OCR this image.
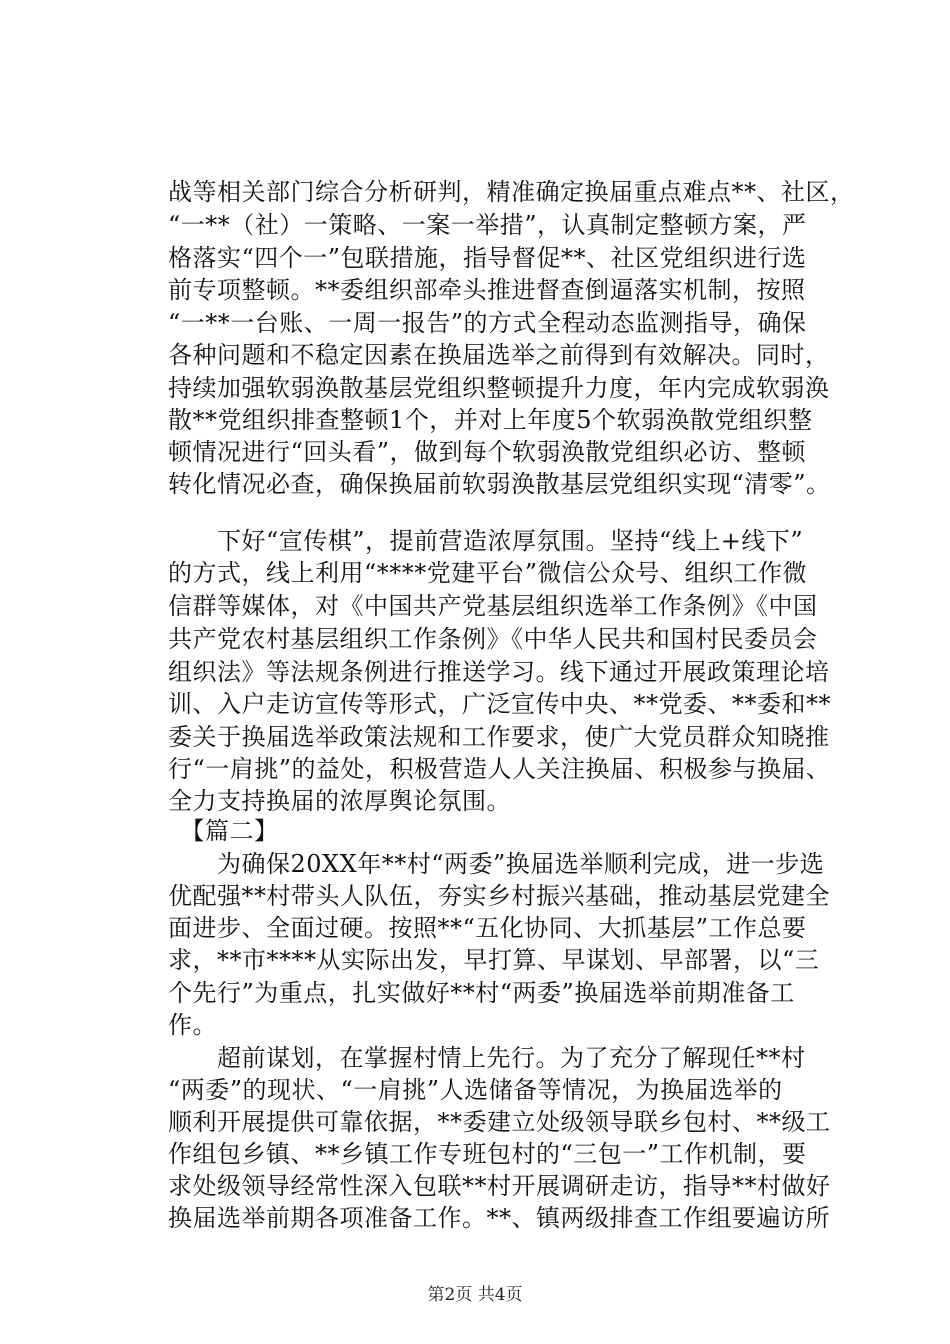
战等相关部门综合分析研判，精准确定换届重点难点**、社区，
“一**（社）一策略、一案一举措”，认真制定整顿方案，严
格落实“四个一”包联措施，指导督促**、社区党组织进行选
前专项整顿。**委组织部牵头推进督查倒逼落实机制，按照
“一**一台账、一周一报告”的方式全程动态监测指导，确保
各种问题和不稳定因素在换届选举之前得到有效解决。同时，
持续加强软弱涣散基层党组织整顿提升力度，年内完成软弱涣
散**党组织排查整顿1个，并对上年度5个软弱涣散党组织整
顿情况进行“回头看”，做到每个软弱涣散党组织必访、整顿
转化情况必查，确保换届前软弱涣散基层党组织实现“清零”。
　　下好“宣传棋”，提前营造浓厚氛围。坚持“线上+线下”
的方式，线上利用“****党建平台”微信公众号、组织工作微
信群等媒体，对《中国共产党基层组织选举工作条例》《中国
共产党农村基层组织工作条例》《中华人民共和国村民委员会
组织法》等法规条例进行推送学习。线下通过开展政策理论培
训、入户走访宣传等形式，广泛宣传中央、**党委、**委和**
委关于换届选举政策法规和工作要求，使广大党员群众知晓推
行“一肩挑”的益处，积极营造人人关注换届、积极参与换届、
全力支持换届的浓厚舆论氛围。
　【篇二】
　　为确保20XX年**村“两委”换届选举顺利完成，进一步选
优配强**村带头人队伍，夯实乡村振兴基础，推动基层党建全
面进步、全面过硬。按照**“五化协同、大抓基层”工作总要
求，**市****从实际出发，早打算、早谋划、早部署，以“三
个先行”为重点，扎实做好**村“两委”换届选举前期准备工
作。
　　超前谋划，在掌握村情上先行。为了充分了解现任**村
“两委”的现状、“一肩挑”人选储备等情况，为换届选举的
顺利开展提供可靠依据，**委建立处级领导联乡包村、**级工
作组包乡镇、**乡镇工作专班包村的“三包一”工作机制，要
求处级领导经常性深入包联**村开展调研走访，指导**村做好
换届选举前期各项准备工作。**、镇两级排查工作组要遍访所
第2页 共4页
